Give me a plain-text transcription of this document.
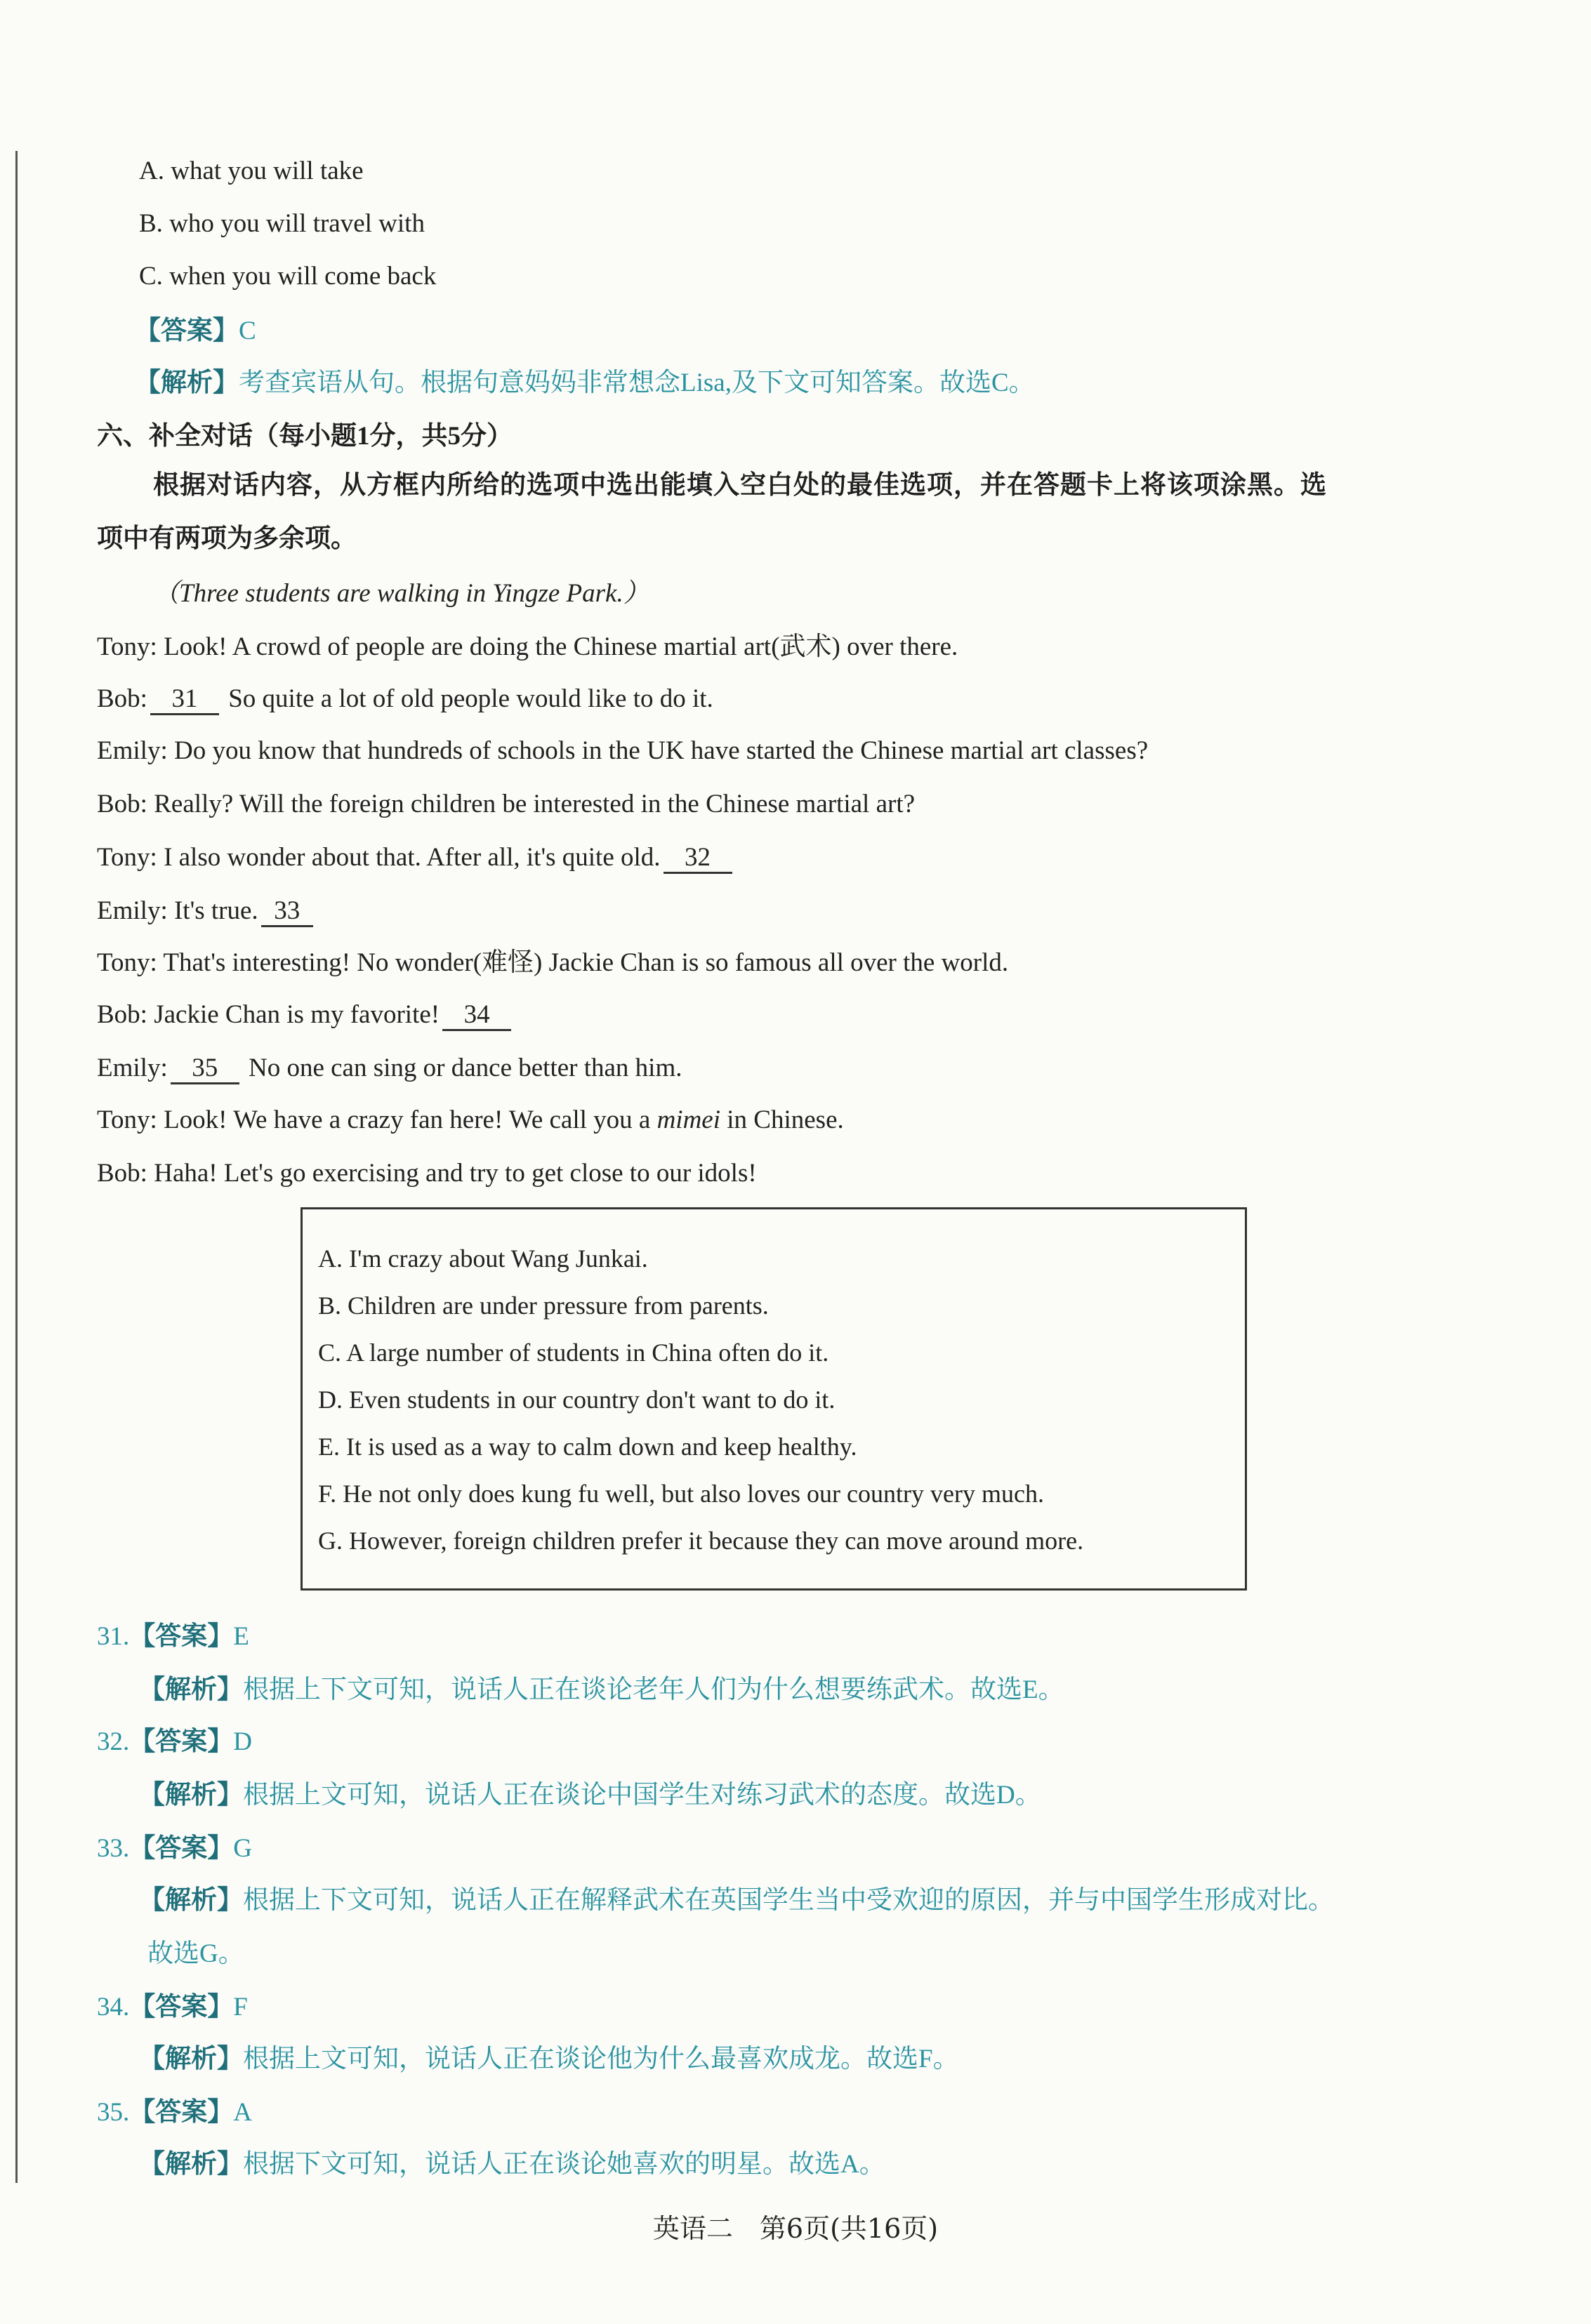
A. what you will take
B. who you will travel with
C. when you will come back
【答案】C
【解析】考查宾语从句。根据句意妈妈非常想念Lisa,及下文可知答案。故选C。
六、补全对话（每小题1分，共5分）
根据对话内容，从方框内所给的选项中选出能填入空白处的最佳选项，并在答题卡上将该项涂黑。选
项中有两项为多余项。
（Three students are walking in Yingze Park.）
Tony: Look! A crowd of people are doing the Chinese martial art(武术) over there.
Bob: 31 So quite a lot of old people would like to do it.
Emily: Do you know that hundreds of schools in the UK have started the Chinese martial art classes?
Bob: Really? Will the foreign children be interested in the Chinese martial art?
Tony: I also wonder about that. After all, it's quite old. 32
Emily: It's true. 33
Tony: That's interesting! No wonder(难怪) Jackie Chan is so famous all over the world.
Bob: Jackie Chan is my favorite! 34
Emily: 35 No one can sing or dance better than him.
Tony: Look! We have a crazy fan here! We call you a mimei in Chinese.
Bob: Haha! Let's go exercising and try to get close to our idols!
A. I'm crazy about Wang Junkai.
B. Children are under pressure from parents.
C. A large number of students in China often do it.
D. Even students in our country don't want to do it.
E. It is used as a way to calm down and keep healthy.
F. He not only does kung fu well, but also loves our country very much.
G. However, foreign children prefer it because they can move around more.
31.【答案】E
【解析】根据上下文可知，说话人正在谈论老年人们为什么想要练武术。故选E。
32.【答案】D
【解析】根据上文可知，说话人正在谈论中国学生对练习武术的态度。故选D。
33.【答案】G
【解析】根据上下文可知，说话人正在解释武术在英国学生当中受欢迎的原因，并与中国学生形成对比。
故选G。
34.【答案】F
【解析】根据上文可知，说话人正在谈论他为什么最喜欢成龙。故选F。
35.【答案】A
【解析】根据下文可知，说话人正在谈论她喜欢的明星。故选A。
英语二　第6页(共16页)
